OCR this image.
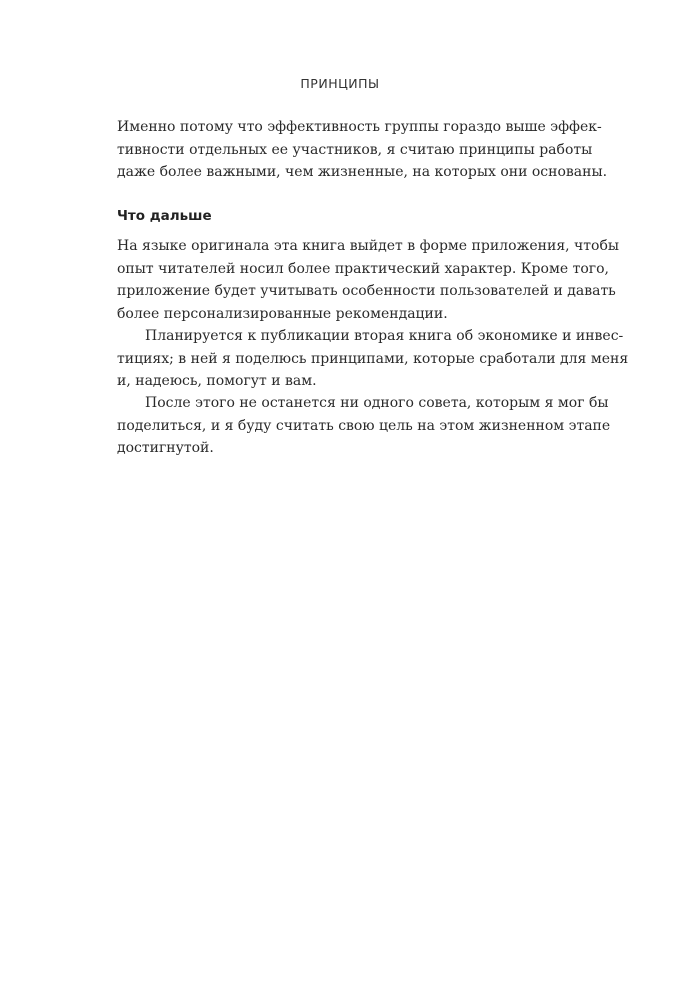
ПРИНЦИПЫ
Именно потому что эффективность группы гораздо выше эффек-
тивности отдельных ее участников, я считаю принципы работы
даже более важными, чем жизненные, на которых они основаны.
Что дальше
На языке оригинала эта книга выйдет в форме приложения, чтобы
опыт читателей носил более практический характер. Кроме того,
приложение будет учитывать особенности пользователей и давать
более персонализированные рекомендации.
Планируется к публикации вторая книга об экономике и инвес-
тициях; в ней я поделюсь принципами, которые сработали для меня
и, надеюсь, помогут и вам.
После этого не останется ни одного совета, которым я мог бы
поделиться, и я буду считать свою цель на этом жизненном этапе
достигнутой.
